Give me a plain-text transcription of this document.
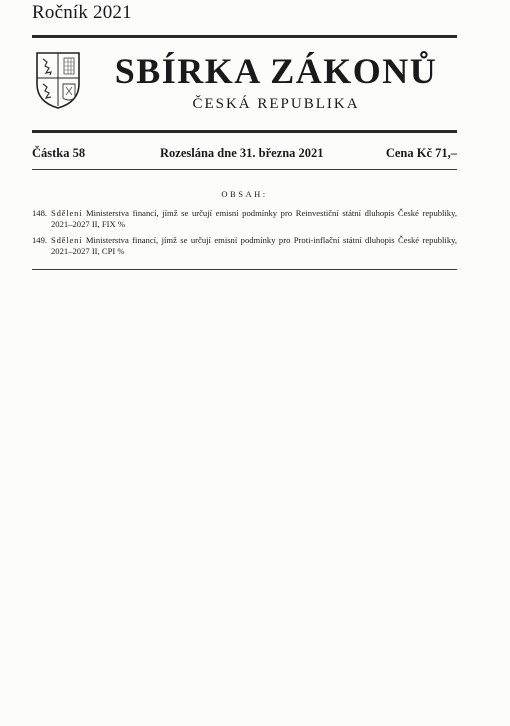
Ročník 2021
SBÍRKA ZÁKONŮ
ČESKÁ REPUBLIKA
Částka 58	Rozeslána dne 31. března 2021	Cena Kč 71,–
OBSAH:
148. Sdělení Ministerstva financí, jímž se určují emisní podmínky pro Reinvestiční státní dluhopis České republiky, 2021–2027 II, FIX %
149. Sdělení Ministerstva financí, jímž se určují emisní podmínky pro Proti-inflační státní dluhopis České republiky, 2021–2027 II, CPI %
